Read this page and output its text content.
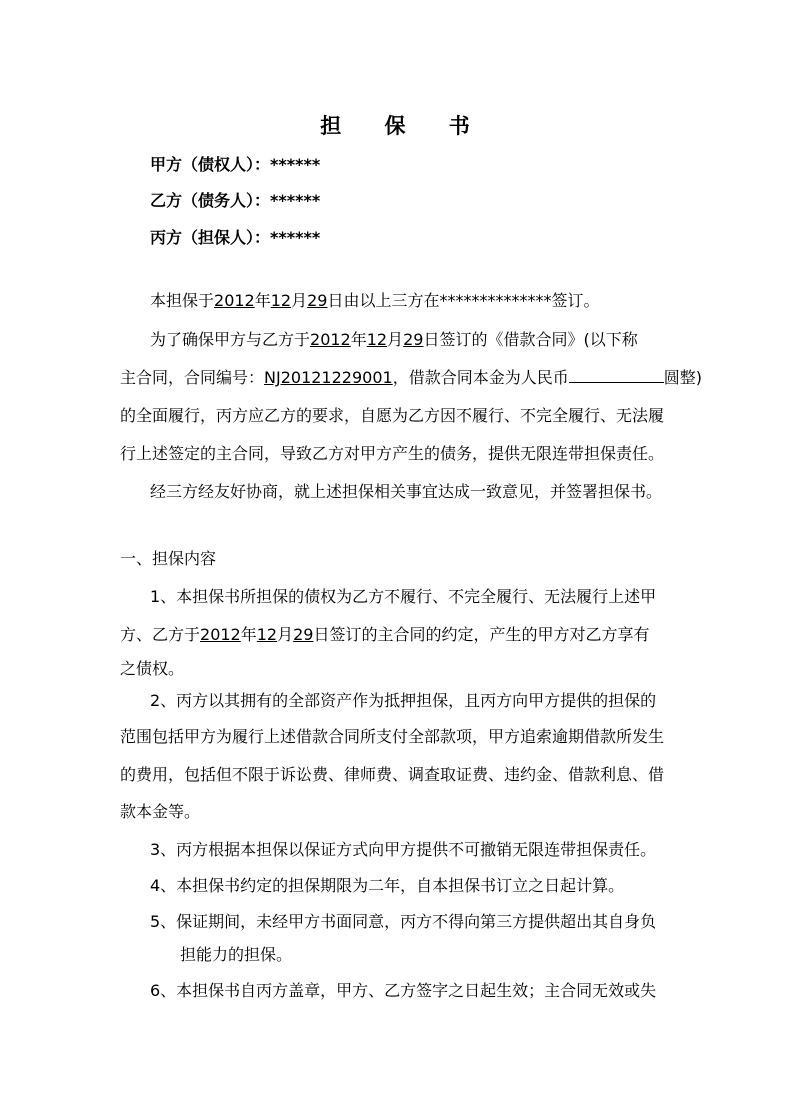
担 保 书
甲方（债权人）：******
乙方（债务人）：******
丙方（担保人）：******
本担保于2012年12月29日由以上三方在**************签订。
为了确保甲方与乙方于2012年12月29日签订的《借款合同》(以下称
主合同，合同编号：NJ20121229001，借款合同本金为人民币	圆整)
的全面履行，丙方应乙方的要求，自愿为乙方因不履行、不完全履行、无法履
行上述签定的主合同，导致乙方对甲方产生的债务，提供无限连带担保责任。
经三方经友好协商，就上述担保相关事宜达成一致意见，并签署担保书。
一、担保内容
1、本担保书所担保的债权为乙方不履行、不完全履行、无法履行上述甲
方、乙方于2012年12月29日签订的主合同的约定，产生的甲方对乙方享有
之债权。
2、丙方以其拥有的全部资产作为抵押担保，且丙方向甲方提供的担保的
范围包括甲方为履行上述借款合同所支付全部款项，甲方追索逾期借款所发生
的费用，包括但不限于诉讼费、律师费、调查取证费、违约金、借款利息、借
款本金等。
3、丙方根据本担保以保证方式向甲方提供不可撤销无限连带担保责任。
4、本担保书约定的担保期限为二年，自本担保书订立之日起计算。
5、保证期间，未经甲方书面同意，丙方不得向第三方提供超出其自身负
担能力的担保。
6、本担保书自丙方盖章，甲方、乙方签字之日起生效；主合同无效或失
